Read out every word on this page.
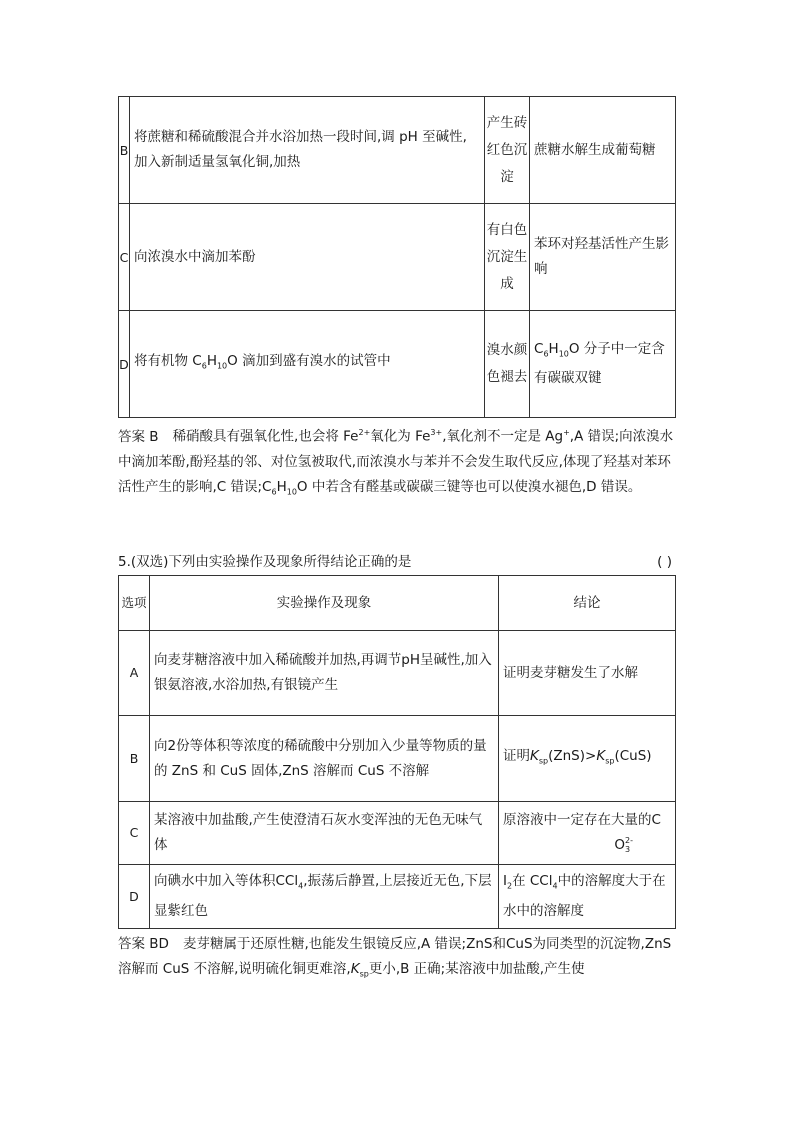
B	将蔗糖和稀硫酸混合并水浴加热一段时间,调 pH 至碱性,加入新制适量氢氧化铜,加热	产生砖红色沉淀	蔗糖水解生成葡萄糖
C	向浓溴水中滴加苯酚	有白色沉淀生成	苯环对羟基活性产生影响
D	将有机物 $C_6H_{10}O$ 滴加到盛有溴水的试管中	溴水颜色褪去	$C_6H_{10}O$ 分子中一定含有碳碳双键
答案 B 稀硝酸具有强氧化性,也会将 $Fe^{2+}$氧化为 $Fe^{3+}$,氧化剂不一定是 Ag+,A 错误;向浓溴水中滴加苯酚,酚羟基的邻、对位氢被取代,而浓溴水与苯并不会发生取代反应,体现了羟基对苯环活性产生的影响,C 错误$;C_6H_{10}O$ 中若含有醛基或碳碳三键等也可以使溴水褪色,D 错误。
5.(双选)下列由实验操作及现象所得结论正确的是	( )
选项	实验操作及现象	结论
A	向麦芽糖溶液中加入稀硫酸并加热,再调节pH呈碱性,加入银氨溶液,水浴加热,有银镜产生	证明麦芽糖发生了水解
B	向2份等体积等浓度的稀硫酸中分别加入少量等物质的量的 ZnS 和 CuS 固体,ZnS 溶解而 CuS 不溶解	证明$K_{sp}(ZnS)>K_{sp}(CuS)$
C	某溶液中加盐酸,产生使澄清石灰水变浑浊的无色无味气体	原溶液中一定存在大量的C
O 2-
3

D	向碘水中加入等体积CCl$_4$,振荡后静置,上层接近无色,下层显紫红色	$I_2$在 CCl$_4$中的溶解度大于在水中的溶解度
答案 BD 麦芽糖属于还原性糖,也能发生银镜反应,A 错误;ZnS和CuS为同类型的沉淀物,ZnS 溶解而 CuS 不溶解,说明硫化铜更难溶$,K_{sp}$更小,B 正确;某溶液中加盐酸,产生使
